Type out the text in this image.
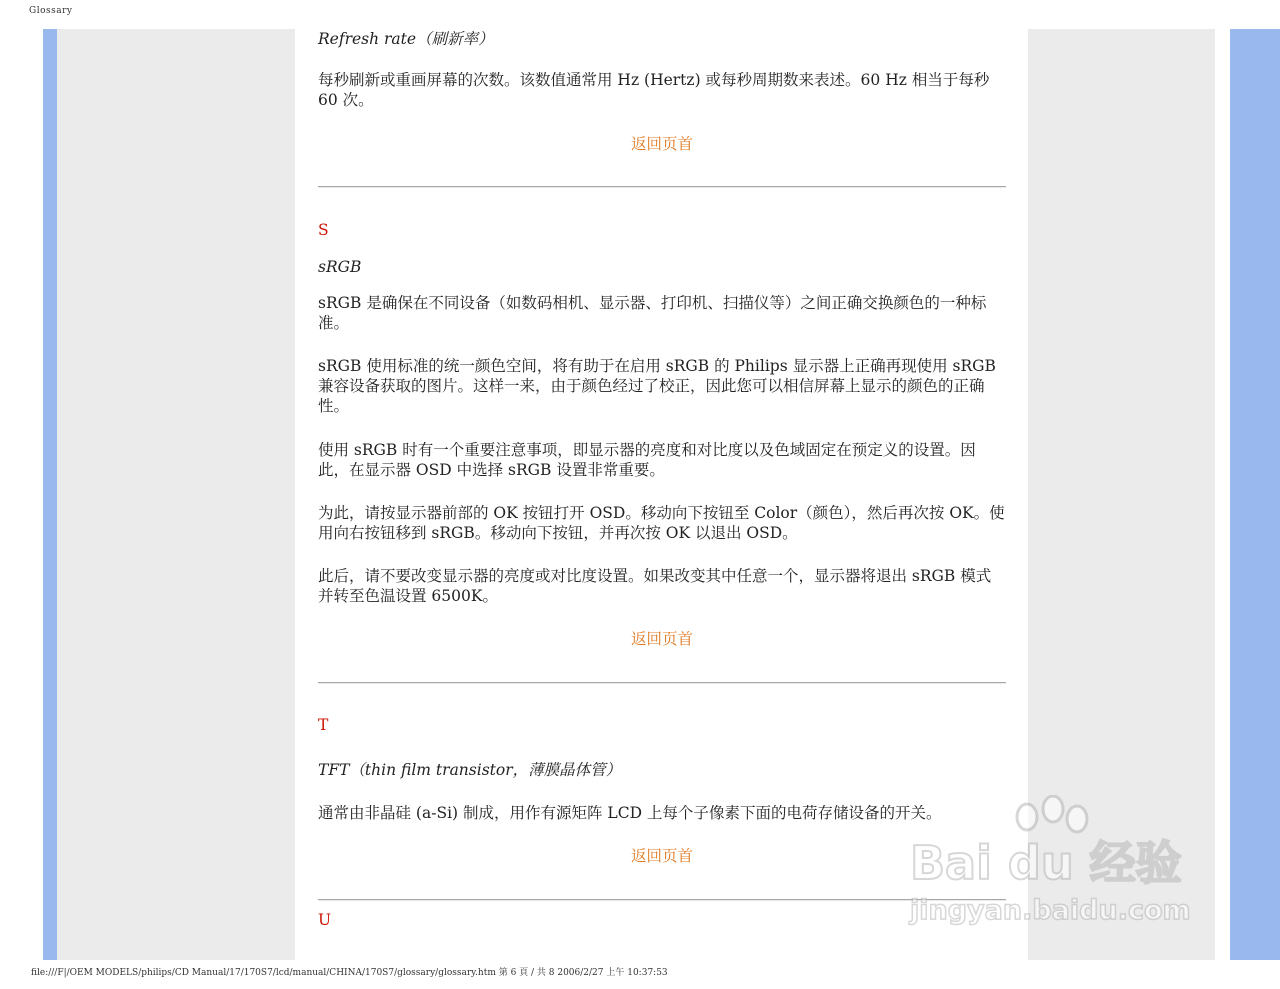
Glossary
Refresh rate（刷新率）

每秒刷新或重画屏幕的次数。该数值通常用 Hz (Hertz) 或每秒周期数来表述。60 Hz 相当于每秒 60 次。

返回页首
S
sRGB

sRGB 是确保在不同设备（如数码相机、显示器、打印机、扫描仪等）之间正确交换颜色的一种标准。

sRGB 使用标准的统一颜色空间，将有助于在启用 sRGB 的 Philips 显示器上正确再现使用 sRGB 兼容设备获取的图片。这样一来，由于颜色经过了校正，因此您可以相信屏幕上显示的颜色的正确性。

使用 sRGB 时有一个重要注意事项，即显示器的亮度和对比度以及色域固定在预定义的设置。因此，在显示器 OSD 中选择 sRGB 设置非常重要。

为此，请按显示器前部的 OK 按钮打开 OSD。移动向下按钮至 Color（颜色），然后再次按 OK。使用向右按钮移到 sRGB。移动向下按钮，并再次按 OK 以退出 OSD。

此后，请不要改变显示器的亮度或对比度设置。如果改变其中任意一个，显示器将退出 sRGB 模式并转至色温设置 6500K。

返回页首
T
TFT（thin film transistor，薄膜晶体管）

通常由非晶硅 (a-Si) 制成，用作有源矩阵 LCD 上每个子像素下面的电荷存储设备的开关。

返回页首
U
Bai du 经验
jingyan.baidu.com
file:///F|/OEM MODELS/philips/CD Manual/17/170S7/lcd/manual/CHINA/170S7/glossary/glossary.htm 第 6 頁 / 共 8 2006/2/27 上午 10:37:53
